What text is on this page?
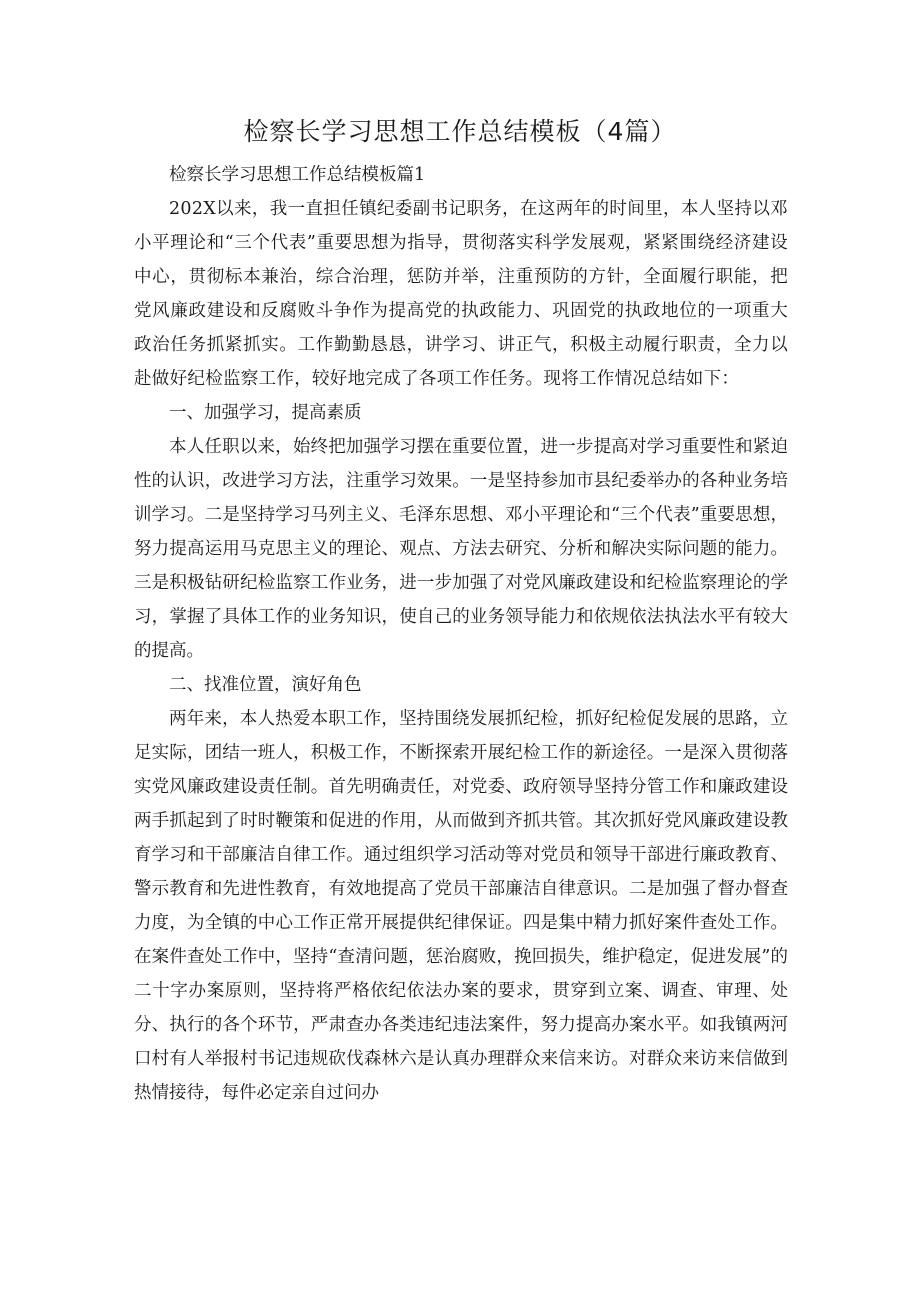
检察长学习思想工作总结模板（4篇）

检察长学习思想工作总结模板篇1

202X以来，我一直担任镇纪委副书记职务，在这两年的时间里，本人坚持以邓小平理论和“三个代表”重要思想为指导，贯彻落实科学发展观，紧紧围绕经济建设中心，贯彻标本兼治，综合治理，惩防并举，注重预防的方针，全面履行职能，把党风廉政建设和反腐败斗争作为提高党的执政能力、巩固党的执政地位的一项重大政治任务抓紧抓实。工作勤勤恳恳，讲学习、讲正气，积极主动履行职责，全力以赴做好纪检监察工作，较好地完成了各项工作任务。现将工作情况总结如下：

一、加强学习，提高素质

本人任职以来，始终把加强学习摆在重要位置，进一步提高对学习重要性和紧迫性的认识，改进学习方法，注重学习效果。一是坚持参加市县纪委举办的各种业务培训学习。二是坚持学习马列主义、毛泽东思想、邓小平理论和“三个代表”重要思想，努力提高运用马克思主义的理论、观点、方法去研究、分析和解决实际问题的能力。三是积极钻研纪检监察工作业务，进一步加强了对党风廉政建设和纪检监察理论的学习，掌握了具体工作的业务知识，使自己的业务领导能力和依规依法执法水平有较大的提高。

二、找准位置，演好角色

两年来，本人热爱本职工作，坚持围绕发展抓纪检，抓好纪检促发展的思路，立足实际，团结一班人，积极工作，不断探索开展纪检工作的新途径。一是深入贯彻落实党风廉政建设责任制。首先明确责任，对党委、政府领导坚持分管工作和廉政建设两手抓起到了时时鞭策和促进的作用，从而做到齐抓共管。其次抓好党风廉政建设教育学习和干部廉洁自律工作。通过组织学习活动等对党员和领导干部进行廉政教育、警示教育和先进性教育，有效地提高了党员干部廉洁自律意识。二是加强了督办督查力度，为全镇的中心工作正常开展提供纪律保证。四是集中精力抓好案件查处工作。在案件查处工作中，坚持“查清问题，惩治腐败，挽回损失，维护稳定，促进发展”的二十字办案原则，坚持将严格依纪依法办案的要求，贯穿到立案、调查、审理、处分、执行的各个环节，严肃查办各类违纪违法案件，努力提高办案水平。如我镇两河口村有人举报村书记违规砍伐森林六是认真办理群众来信来访。对群众来访来信做到热情接待，每件必定亲自过问办
